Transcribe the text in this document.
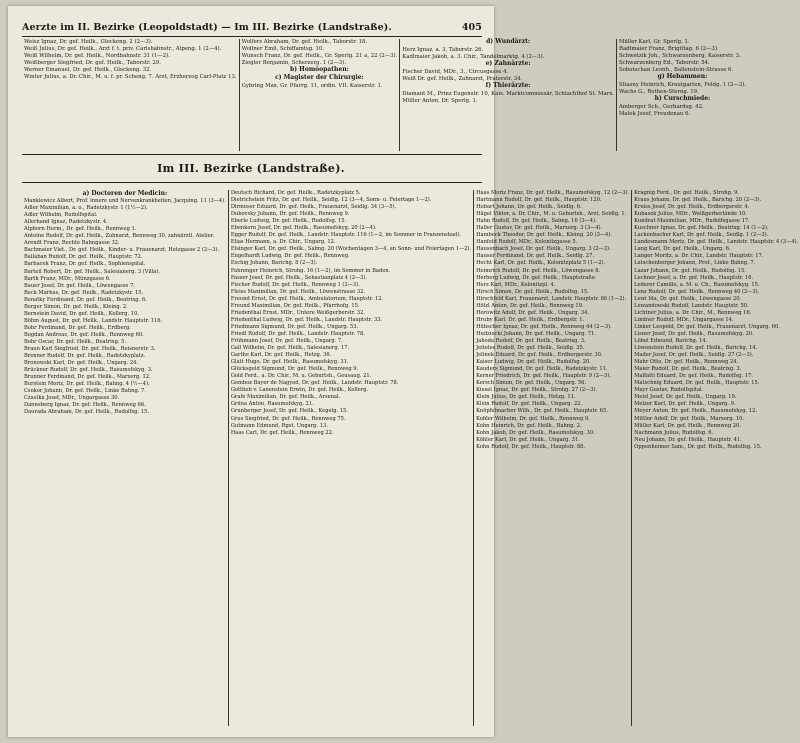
Aerzte im II. Bezirke (Leopoldstadt) — Im III. Bezirke (Landstraße).	405

Weisz Ignaz, Dr. gef. Heilk., Glockeng. 2 (2—3).

Weiß Julius, Dr. gef. Heilk., Arzt f. t. priv. Carlsbahnstr., Alpeng. 1 (2—4).

Weiß Wilhelm, Dr. gef. Heilk., Nordbahnstr. 31 (1—2).

Weißberger Siegfried, Dr. gef. Heilk., Taborstr. 29.

Werner Emanuel, Dr. gef. Heilk., Glockeng. 32.

Winter Julius, a. Dr. Chir., M. u. f. pr. Scheng. 7. Arzt, Erzherzog Carl-Platz 13.

Wolfers Abraham, Dr. gef. Heilk., Taborstr. 18.

Wollner Emil, Schiffamtsg. 10.

Wunsch Franz, Dr. gef. Heilk., Gr. Sperlg. 21 a, 22 (2—3).

Ziegler Benjamin, Scherzerg. 1 (2—3).

b) Homöopathen:

c) Magister der Chirurgie:

Gybring Max, Gr. Pfarrg. 11, ordin. VII. Kaiserstr. 1.

d) Wundärzt:

Herz Ignaz, a. 3, Taborstr. 26.

Kadlmaier Jakob, a. 3. Chir., Tandelmarktg. 4 (2—3).

e) Zahnärzte:

Fischer David, MDr., 3., Circusgasse 4.

Weiß Dr. gef. Heilk., Zahnarzt, Praterstr. 34.

f) Thierärzte:

Diamant M., Prinz Eugenstr. 10, Kais. Marktcommissär, Schlachthof St. Marx.

Müller Anton, Dr. Sperlg. 1.

Müller Karl, Gr. Sperlg. 1.

Radlmaier Franz, Brigittag. 6 (2—3).

Schwetzik Joh., Schwarzenberg, Kaiserstr. 3.

Schwarzenberg Ed., Taborstr. 54.

Sobotschan Leonh., Ballenstein-Strasse 6.

g) Hebammen:

Stiasny Heinrich, Krautgarten, Feldg. 1 (2—3).

Wachs G., Rothen-Sterng. 19.

h) Curschmiede:

Amberger Sch., Gerhardsg. 42.

Malek Josef, Freudenau 6.

Im III. Bezirke (Landstraße).

a) Doctoren der Medicin:

Mankiewicz Albert, Prof. innere und Nervenkrankheiten, Jacquing. 11 (3—4).

Adler Maximilian, a. o., Radetzkystr. 1 (1½—2).

Adler Wilhelm, Rudolfspital.

Allerhand Ignaz, Radetzkystr. 4.

Alpborn Herm., Dr. gef. Heilk., Rennweg 1.

Antoine Rudolf, Dr. gef. Heilk., Zahnarzt, Rennweg 30, zahnärztl. Atelier.

Arendt Franz, Rechte Bahngasse 32.

Bachmaier Viet., Dr. gef. Heilk., Kinder- u. Frauenarzt, Hetzgasse 2 (2—3).

Ballaban Rudolf, Dr. gef. Heilk., Hauptstr. 72.

Barbacek Franz, Dr. gef. Heilk., Sophienspital.

Barteil Robert, Dr. gef. Heilk., Salesianerg. 3 (Villa).

Barth Franz, MDr., Münzgasse 6.

Bauer Josef, Dr. gef. Heilk., Löwengasse 7.

Beck Markus, Dr. gef. Heilk., Radetzkystr. 15.

Benatky Ferdinand, Dr. gef. Heilk., Beatrixg. 6.

Berger Simon, Dr. gef. Heilk., Kleing. 2.

Bernstein David, Dr. gef. Heilk., Kollerg. 10.

Böhm August, Dr. gef. Heilk., Landstr. Hauptstr. 116.

Bohr Ferdinand, Dr. gef. Heilk., Erdberg.

Bogdan Andreas, Dr. gef. Heilk., Rennweg 60.

Bohr Oscar, Dr. gef. Heilk., Beatrixg. 5.

Braun Karl Siegfried, Dr. gef. Heilk., Reisnerstr. 3.

Brenner Rudolf, Dr. gef. Heilk., Radetzkyplatz.

Bronowski Karl, Dr. gef. Heilk., Ungarg. 24.

Brückner Rudolf, Dr. gef. Heilk., Rasumofskyg. 3.

Brunner Ferdinand, Dr. gef. Heilk., Marxerg. 12.

Burstein Moriz, Dr. gef. Heilk., Bahng. 4 (½—4).

Csokor Johann, Dr. gef. Heilk., Linke Bahng. 7.

Czastka Josef, MDr., Ungargasse 30.

Danneberg Ignaz, Dr. gef. Heilk., Rennweg 66.

Daurada Abraham, Dr. gef. Heilk., Rudolfsg. 15.

Deutsch Richard, Dr. gef. Heilk., Radetzkyplatz 5.

Dietrichstein Fritz, Dr. gef. Heilk., Seidlg. 12 (3—4, Sonn- u. Feiertage 1—2).

Dirmoser Eduard, Dr. gef. Heilk., Frauenarzt, Seidlg. 34 (3—5).

Dubovsky Johann, Dr. gef. Heilk., Rennweg 9.

Eberle Ludwig, Dr. gef. Heilk., Rudolfsg. 15.

Ebenkorn Josef, Dr. gef. Heilk., Rasumofskyg. 20 (2—4).

Egger Rudolf, Dr. gef. Heilk., Landstr. Hauptstr. 116 (1—2, im Sommer in Franzensbad).

Elias Hermann, a. Dr. Chir., Ungarg. 12.

Elsinger Karl, Dr. gef. Heilk., Salmg. 20 (Wochentagen 3—4, an Sonn- und Feiertagen 1—2).

Engelhardt Ludwig, Dr. gef. Heilk., Rennweg.

Eschig Johann, Barichg. 8 (2—3).

Fahrenger Heinrich, Strohg. 16 (1—2), im Sommer in Baden.

Fasser Josef, Dr. gef. Heilk., Sebastianplatz 4 (2—3).

Fischer Rudolf, Dr. gef. Heilk., Rennweg 1 (2—3).

Fleiss Maximilian, Dr. gef. Heilk., Löwenstrasse 32.

Freund Ernst, Dr. gef. Heilk., Ambulatorium, Hauptstr. 12.

Freund Maximilian, Dr. gef. Heilk., Pfarrhofg. 15.

Friedenthal Ernst, MDr., Untere Weißgerberstr. 32.

Friedenthal Ludwig, Dr. gef. Heilk., Landstr. Hauptstr. 33.

Friedmann Sigmund, Dr. gef. Heilk., Ungarg. 53.

Friedl Rudolf, Dr. gef. Heilk., Landstr. Hauptstr. 78.

Frühmann Josef, Dr. gef. Heilk., Ungarg. 7.

Gall Wilhelm, Dr. gef. Heilk., Salesianerg. 17.

Garthe Karl, Dr. gef. Heilk., Hetzg. 36.

Glatt Hugo, Dr. gef. Heilk., Rasumofskyg. 31.

Glücksgeld Sigmund, Dr. gef. Heilk., Rennweg 9.

Gold Ferd., a. Dr. Chir., M. u. Geburtsh., Geusaug. 21.

Gomboz Bayer de Nagyed, Dr. gef. Heilk., Landstr. Hauptstr. 78.

Gottlieb v. Lanenstein Erwin, Dr. gef. Heilk., Kollerg.

Grafe Maximilian, Dr. gef. Heilk., Arsenal.

Grüna Anton, Rasumofskyg. 21.

Grunberger Josef, Dr. gef. Heilk., Kegelg. 15.

Grus Siegfried, Dr. gef. Heilk., Rennweg 75.

Gutmann Edmund, Rgst. Ungarg. 13.

Haas Carl, Dr. gef. Heilk., Rennweg 22.

Haas Moriz Franz, Dr. gef. Heilk., Rasumofskyg. 12 (2—3).

Hartmann Rudolf, Dr. gef. Heilk., Hauptstr. 120.

Hobart Johann, Dr. gef. Heilk., Seidlg. 6.

Hägel Viktor, a. Dr. Chir., M. u. Geburtsh., Arzt, Seidlg. 1.

Hahn Rudolf, Dr. gef. Heilk., Salmg. 16 (3—4).

Haller Gustav, Dr. gef. Heilk., Marxerg. 3 (3—4).

Hambock Theodor, Dr. gef. Heilk., Kleing. 20 (3—4).

Hanfeld Rudolf, MDr., Kolonitzgasse 5.

Hausenbach Josef, Dr. gef. Heilk., Ungarg. 3 (2—3).

Hauser Ferdinand, Dr. gef. Heilk., Seidlg. 27.

Hecht Karl, Dr. gef. Heilk., Kolonitzplatz 5 (1—2).

Heimrich Rudolf, Dr. gef. Heilk., Löwengasse 8.

Herberg Ludwig, Dr. gef. Heilk., Hauptstraße.

Herz Karl, MDr., Kolonitzpl. 4.

Hirsch Simon, Dr. gef. Heilk., Rudolfsg. 15.

Hirschfeld Karl, Frauenarzt, Landstr. Hauptstr. 86 (1—2).

Hölzl Anton, Dr. gef. Heilk., Rennweg 19.

Horowitz Adolf, Dr. gef. Heilk., Ungarg. 34.

Hruby Karl, Dr. gef. Heilk., Erdbergstr. 1.

Hübscher Ignaz, Dr. gef. Heilk., Rennweg 44 (2—3).

Hudziecki Johann, Dr. gef. Heilk., Ungarg. 71.

Jahoda Rudolf, Dr. gef. Heilk., Beatrixg. 3.

Jeiteles Rudolf, Dr. gef. Heilk., Seidlg. 35.

Jelinek Eduard, Dr. gef. Heilk., Erdbergerstr. 30.

Kaiser Ludwig, Dr. gef. Heilk., Rudolfsg. 20.

Kauders Sigmund, Dr. gef. Heilk., Radetzkystr. 11.

Kerner Friedrich, Dr. gef. Heilk., Hauptstr. 9 (2—3).

Kersch Simon, Dr. gef. Heilk., Ungarg. 56.

Kiesel Ignaz, Dr. gef. Heilk., Strohg. 27 (2—3).

Klein Julius, Dr. gef. Heilk., Hetzg. 11.

Klein Rudolf, Dr. gef. Heilk., Ungarg. 22.

Knöpfelmacher Wilh., Dr. gef. Heilk., Hauptstr. 65.

Kobler Wilhelm, Dr. gef. Heilk., Rennweg 9.

Kohn Heinrich, Dr. gef. Heilk., Bahng. 2.

Kohn Jakob, Dr. gef. Heilk., Rasumofskyg. 30.

Köhler Karl, Dr. gef. Heilk., Ungarg. 31.

Kohn Rudolf, Dr. gef. Heilk., Hauptstr. 88.

Kragnig Ferd., Dr. gef. Heilk., Strohg. 9.

Kraus Johann, Dr. gef. Heilk., Barichg. 20 (2—3).

Kroiss Josef, Dr. gef. Heilk., Erdbergerstr. 4.

Kubasek Julius, MDr., Weißgerberlände 10.

Kundrat Maximilian, MDr., Rudolfsgasse 17.

Kuschner Ignaz, Dr. gef. Heilk., Beatrixg. 14 (1—2).

Lackenbacher Karl, Dr. gef. Heilk., Seidlg. 1 (2—3).

Landesmann Moriz, Dr. gef. Heilk., Landstr. Hauptstr. 4 (3—4).

Lang Karl, Dr. gef. Heilk., Ungarg. 6.

Langer Moritz, a. Dr. Chir., Landstr. Hauptstr. 17.

Latschenberger Johann, Prof., Linke Bahng. 7.

Lazar Johann, Dr. gef. Heilk., Rudolfsg. 15.

Lechner Josef, a. Dr. gef. Heilk., Hauptstr. 16.

Lederer Camillo, a. M. u. Ch., Rasumofskyg. 15.

Lenz Rudolf, Dr. gef. Heilk., Rennweg 40 (2—3).

Lewi Ida, Dr. gef. Heilk., Löwengasse 20.

Lewandowski Rudolf, Landstr. Hauptstr. 50.

Lichtner Julius, a. Dr. Chir., M., Rennweg 16.

Lindner Rudolf, MDr., Ungargasse 14.

Linker Leopold, Dr. gef. Heilk., Frauenarzt, Ungarg. 60.

Lisner Josef, Dr. gef. Heilk., Rasumofskyg. 20.

Löbel Edmund, Barichg. 14.

Löwenstein Rudolf, Dr. gef. Heilk., Barichg. 14.

Mader Josef, Dr. gef. Heilk., Seidlg. 27 (2—3).

Mahr Otto, Dr. gef. Heilk., Rennweg 24.

Maier Rudolf, Dr. gef. Heilk., Beatrixg. 3.

Malfatti Eduard, Dr. gef. Heilk., Rudolfsg. 17.

Matschnig Eduard, Dr. gef. Heilk., Hauptstr. 15.

Mayr Gustav, Rudolfspital.

Meisl Josef, Dr. gef. Heilk., Ungarg. 19.

Melzer Karl, Dr. gef. Heilk., Ungarg. 9.

Meyer Anton, Dr. gef. Heilk., Rasumofskyg. 12.

Mittler Adolf, Dr. gef. Heilk., Marxerg. 10.

Müller Karl, Dr. gef. Heilk., Rennweg 20.

Nachmann Julius, Rudolfsg. 6.

Neu Johann, Dr. gef. Heilk., Hauptstr. 41.

Oppenheimer Sam., Dr. gef. Heilk., Rudolfsg. 15.
